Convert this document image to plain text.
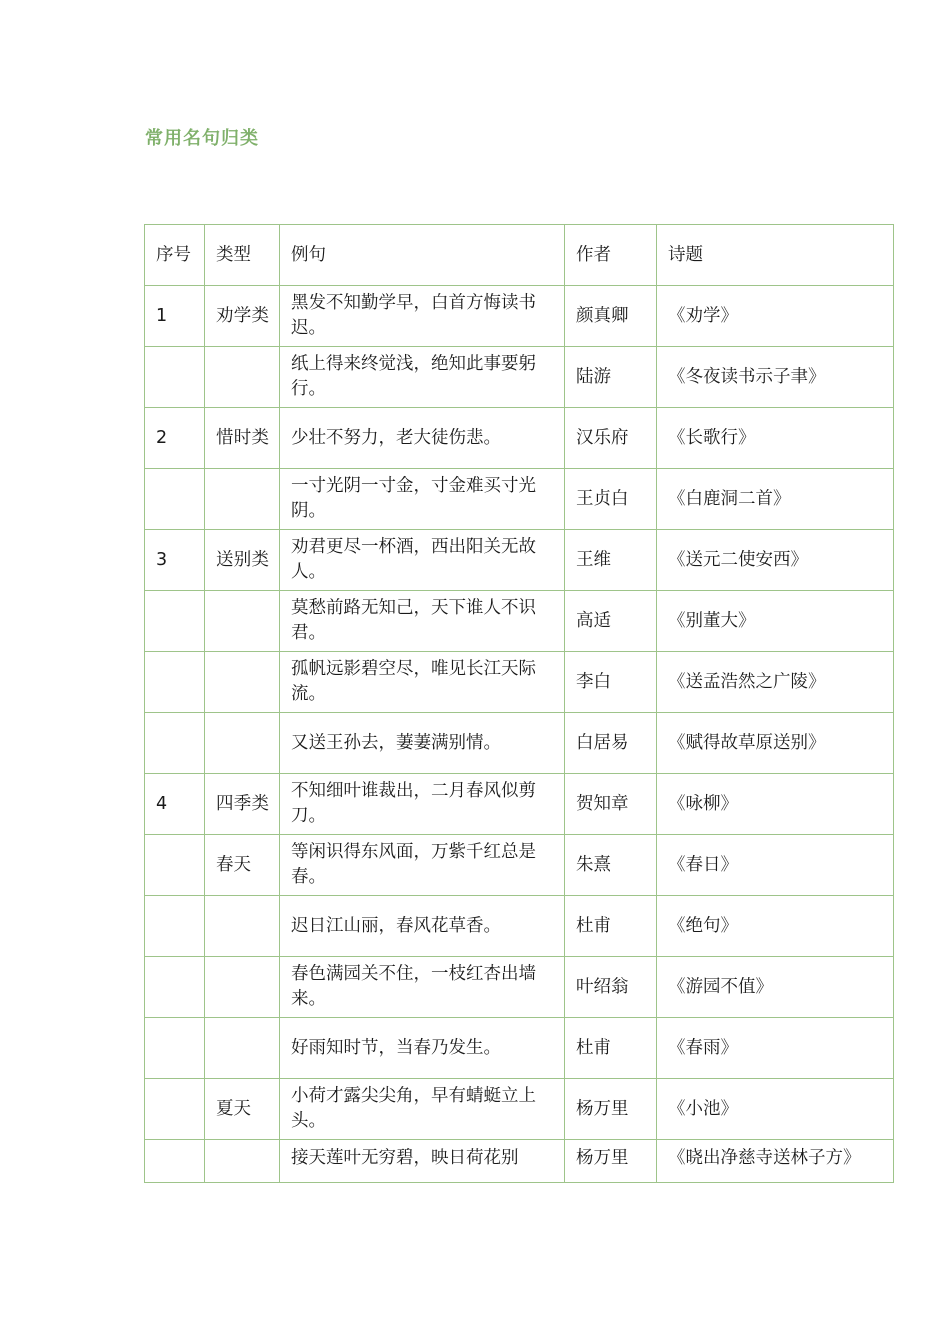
常用名句归类
序号	类型	例句	作者	诗题
1	劝学类	黑发不知勤学早，白首方悔读书迟。	颜真卿	《劝学》
		纸上得来终觉浅，绝知此事要躬行。	陆游	《冬夜读书示子聿》
2	惜时类	少壮不努力，老大徒伤悲。	汉乐府	《长歌行》
		一寸光阴一寸金，寸金难买寸光阴。	王贞白	《白鹿洞二首》
3	送别类	劝君更尽一杯酒，西出阳关无故人。	王维	《送元二使安西》
		莫愁前路无知己，天下谁人不识君。	高适	《别董大》
		孤帆远影碧空尽，唯见长江天际流。	李白	《送孟浩然之广陵》
		又送王孙去，萋萋满别情。	白居易	《赋得故草原送别》
4	四季类	不知细叶谁裁出，二月春风似剪刀。	贺知章	《咏柳》
	春天	等闲识得东风面，万紫千红总是春。	朱熹	《春日》
		迟日江山丽，春风花草香。	杜甫	《绝句》
		春色满园关不住，一枝红杏出墙来。	叶绍翁	《游园不值》
		好雨知时节，当春乃发生。	杜甫	《春雨》
	夏天	小荷才露尖尖角，早有蜻蜓立上头。	杨万里	《小池》
		接天莲叶无穷碧，映日荷花别	杨万里	《晓出净慈寺送林子方》
